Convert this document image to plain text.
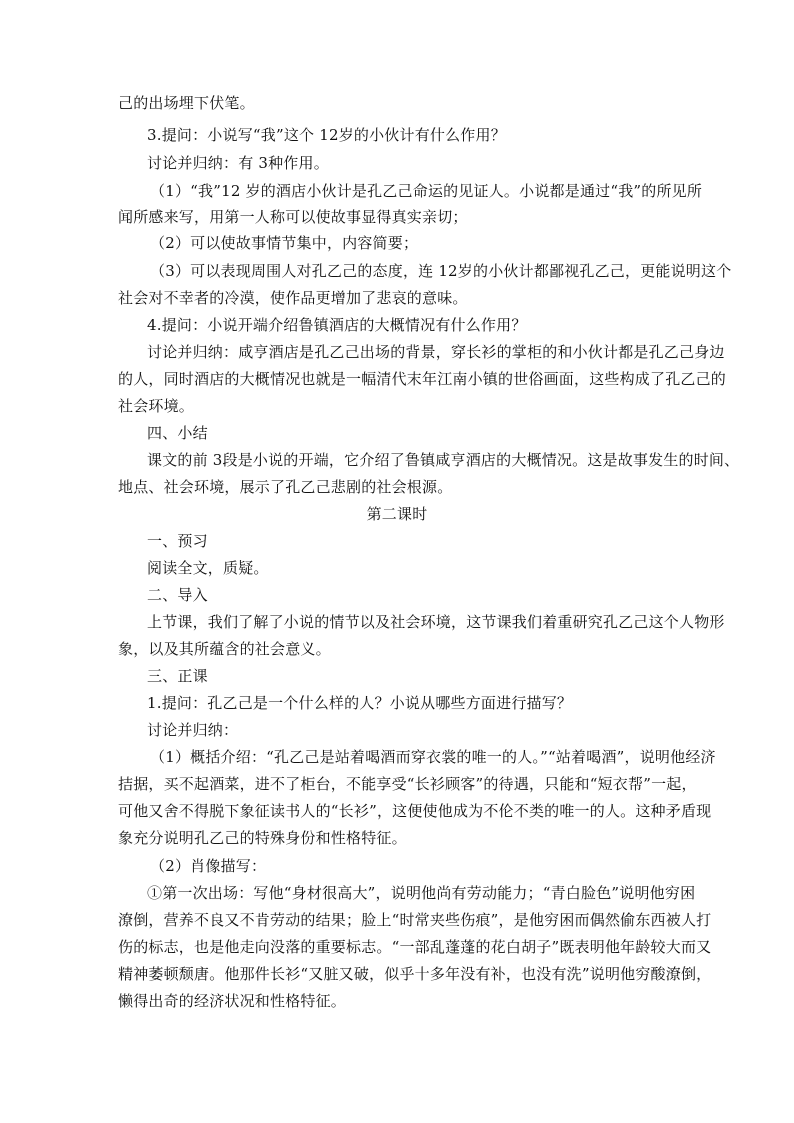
己的出场埋下伏笔。
3.提问：小说写“我”这个 12岁的小伙计有什么作用？
讨论并归纳：有 3种作用。
（1）“我”12 岁的酒店小伙计是孔乙己命运的见证人。小说都是通过“我”的所见所
闻所感来写，用第一人称可以使故事显得真实亲切；
（2）可以使故事情节集中，内容简要；
（3）可以表现周围人对孔乙己的态度，连 12岁的小伙计都鄙视孔乙己，更能说明这个
社会对不幸者的冷漠，使作品更增加了悲哀的意味。
4.提问：小说开端介绍鲁镇酒店的大概情况有什么作用？
讨论并归纳：咸亨酒店是孔乙己出场的背景，穿长衫的掌柜的和小伙计都是孔乙己身边
的人，同时酒店的大概情况也就是一幅清代末年江南小镇的世俗画面，这些构成了孔乙己的
社会环境。
四、小结
课文的前 3段是小说的开端，它介绍了鲁镇咸亨酒店的大概情况。这是故事发生的时间、
地点、社会环境，展示了孔乙己悲剧的社会根源。
第二课时
一、预习
阅读全文，质疑。
二、导入
上节课，我们了解了小说的情节以及社会环境，这节课我们着重研究孔乙己这个人物形
象，以及其所蕴含的社会意义。
三、正课
1.提问：孔乙己是一个什么样的人？小说从哪些方面进行描写？
讨论并归纳：
（1）概括介绍：“孔乙己是站着喝酒而穿衣裳的唯一的人。”“站着喝酒”，说明他经济
拮据，买不起酒菜，进不了柜台，不能享受“长衫顾客”的待遇，只能和“短衣帮”一起，
可他又舍不得脱下象征读书人的“长衫”，这便使他成为不伦不类的唯一的人。这种矛盾现
象充分说明孔乙己的特殊身份和性格特征。
（2）肖像描写：
①第一次出场：写他“身材很高大”，说明他尚有劳动能力；“青白脸色”说明他穷困
潦倒，营养不良又不肯劳动的结果；脸上“时常夹些伤痕”，是他穷困而偶然偷东西被人打
伤的标志，也是他走向没落的重要标志。“一部乱蓬蓬的花白胡子”既表明他年龄较大而又
精神萎顿颓唐。他那件长衫“又脏又破，似乎十多年没有补，也没有洗”说明他穷酸潦倒，
懒得出奇的经济状况和性格特征。
